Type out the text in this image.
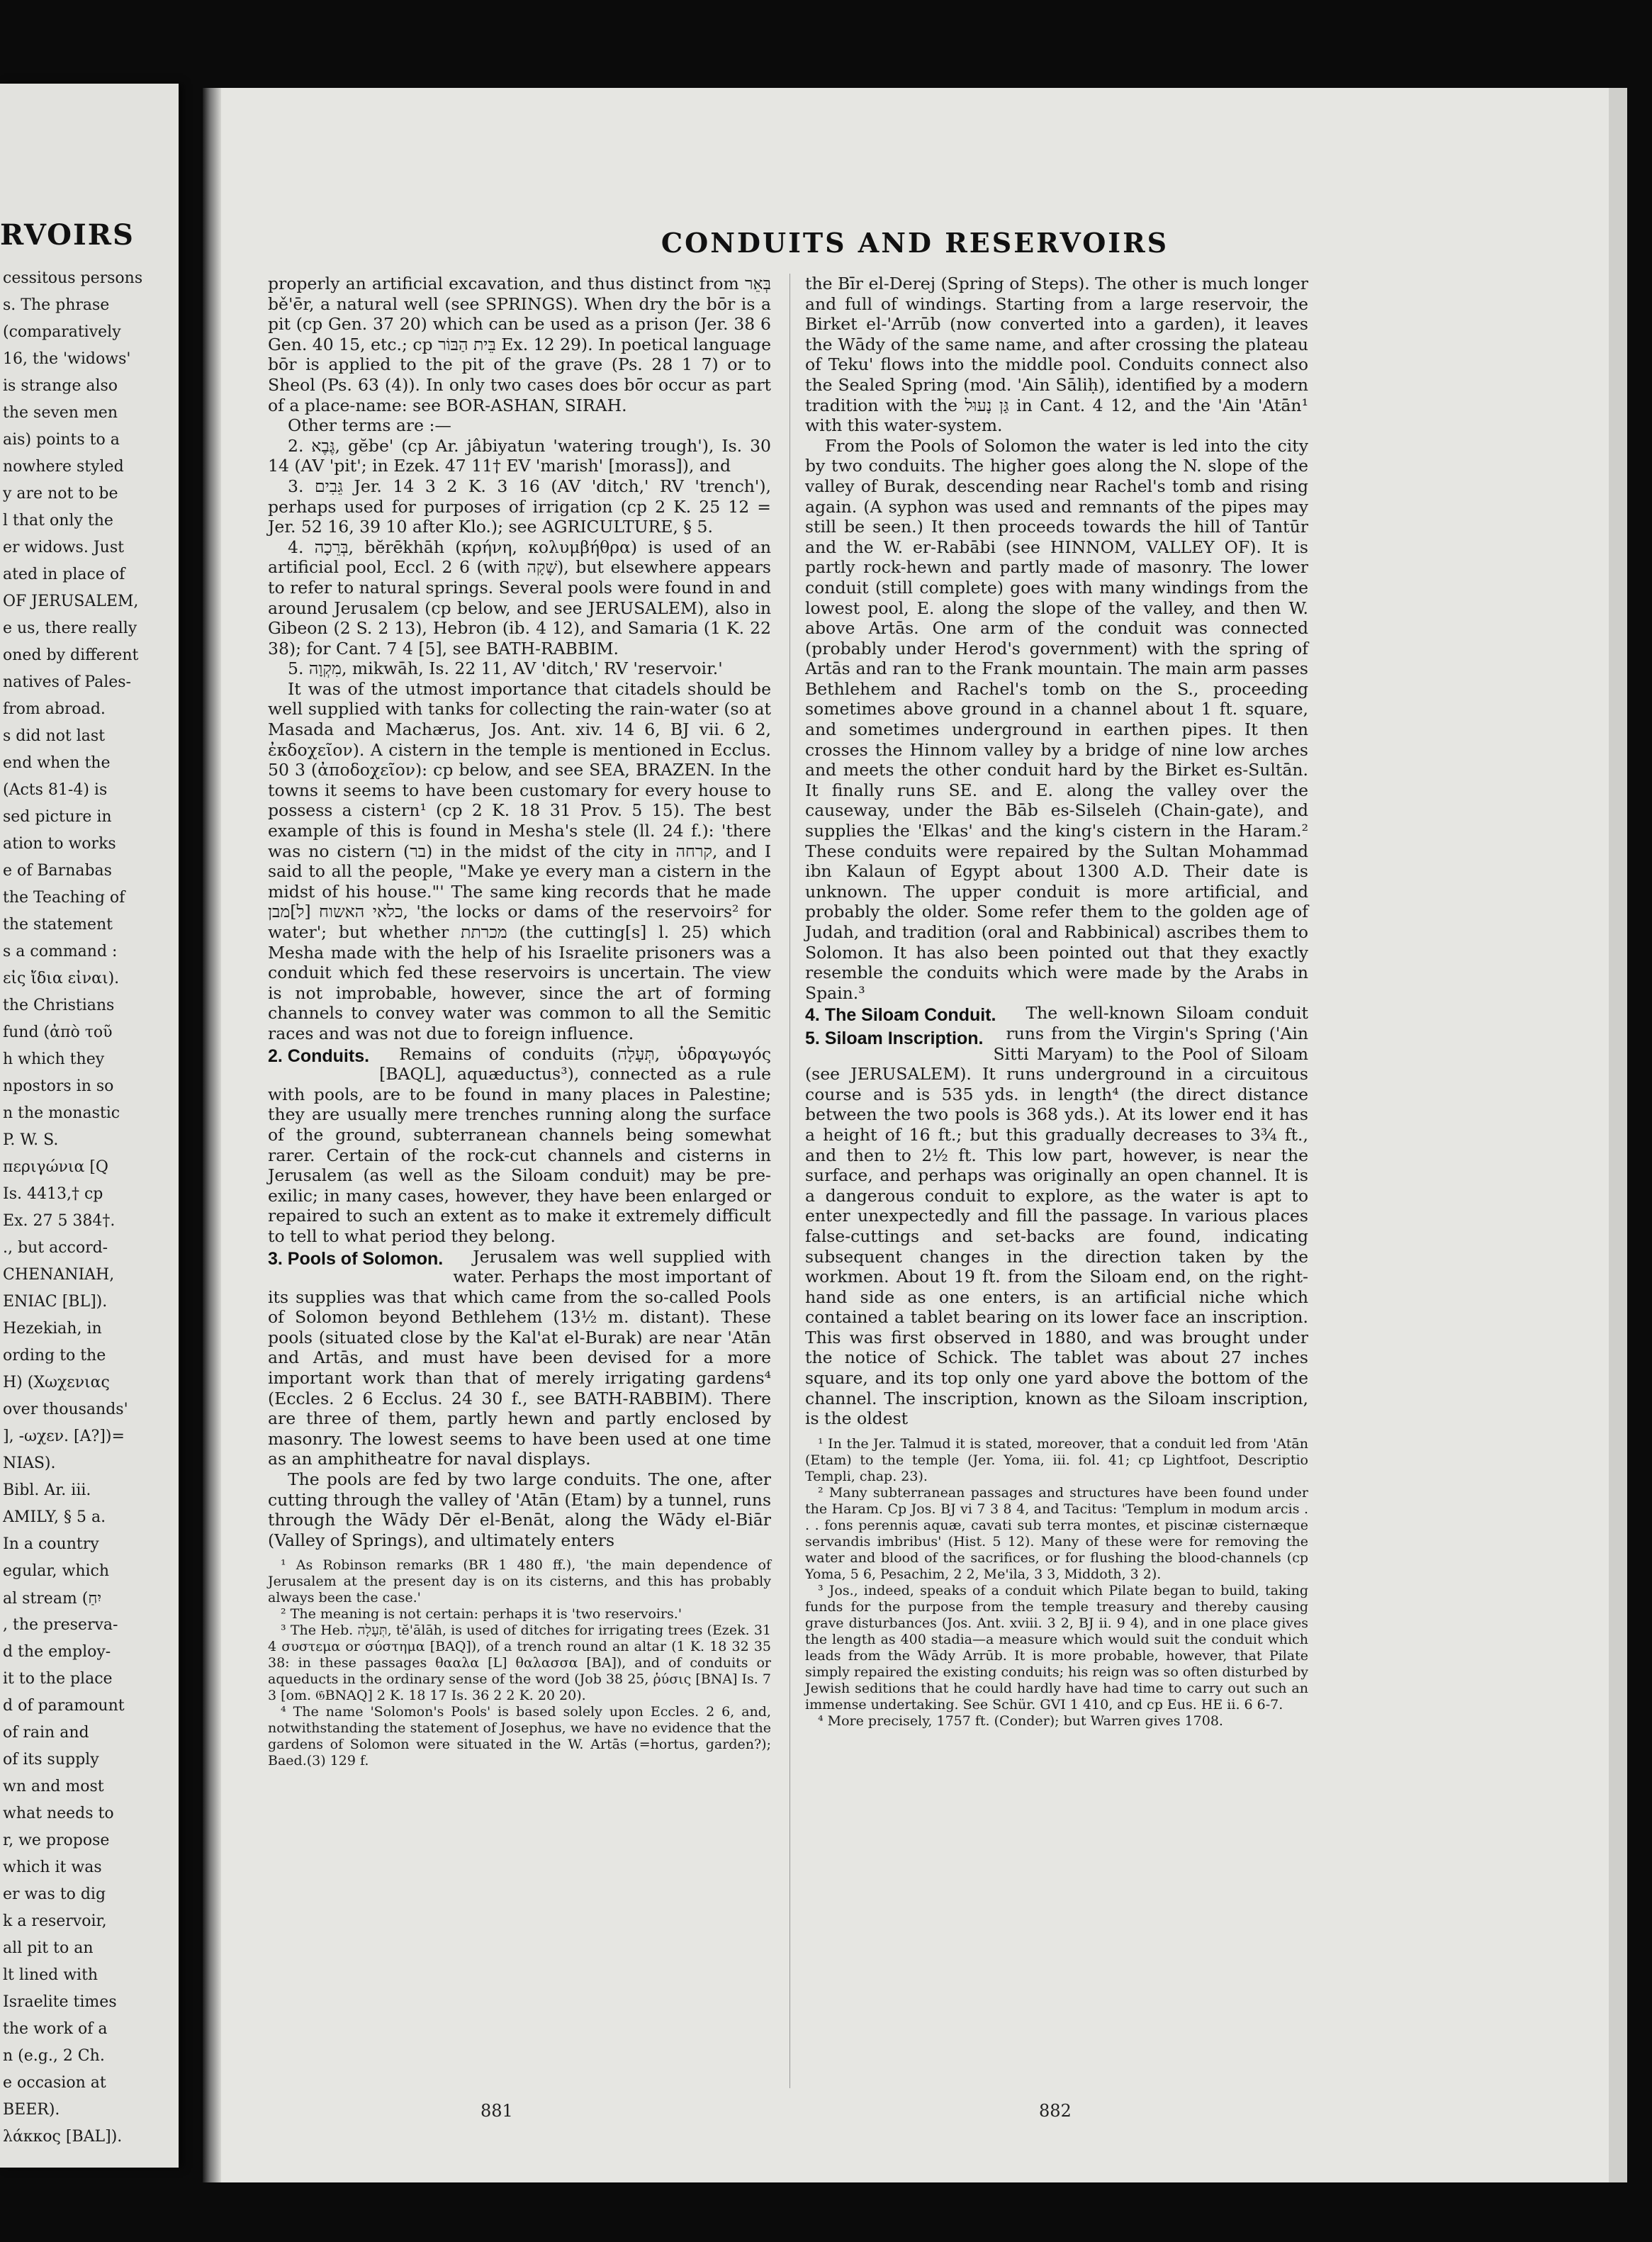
RVOIRS
cessitous persons
s. The phrase
(comparatively
16, the 'widows'
is strange also
the seven men
ais) points to a
nowhere styled
y are not to be
l that only the
er widows. Just
ated in place of
OF JERUSALEM,
e us, there really
oned by different
natives of Pales-
from abroad.
s did not last
end when the
(Acts 81-4) is
sed picture in
ation to works
e of Barnabas
the Teaching of
the statement
s a command :
εἰς ἴδια εἶναι).
the Christians
fund (ἀπὸ τοῦ
h which they
npostors in so
n the monastic
P. W. S.
περιγώνια [Q
Is. 4413,† cp
Ex. 27 5 384†.
., but accord-
CHENANIAH,
ENIAC [BL]).
Hezekiah, in
ording to the
H) (Χωχενιας
over thousands'
], -ωχεν. [A?])=
NIAS).
Bibl. Ar. iii.
AMILY, § 5 a.
In a country
egular, which
al stream (יִחַ
, the preserva-
d the employ-
it to the place
d of paramount
of rain and
of its supply
wn and most
what needs to
r, we propose
which it was
er was to dig
k a reservoir,
all pit to an
lt lined with
Israelite times
the work of a
n (e.g., 2 Ch.
e occasion at
BEER).
λάκκος [BAL]).
CONDUITS AND RESERVOIRS

properly an artificial excavation, and thus distinct from בְּאֵר bě'ēr, a natural well (see SPRINGS). When dry the bōr is a pit (cp Gen. 37 20) which can be used as a prison (Jer. 38 6 Gen. 40 15, etc.; cp בֵּית הַבּוֹר Ex. 12 29). In poetical language bōr is applied to the pit of the grave (Ps. 28 1 7) or to Sheol (Ps. 63 (4)). In only two cases does bōr occur as part of a place-name: see BOR-ASHAN, SIRAH.

Other terms are :—

2. גֶּבֶא, gĕbe' (cp Ar. jâbiyatun 'watering trough'), Is. 30 14 (AV 'pit'; in Ezek. 47 11† EV 'marish' [morass]), and

3. גֵּבִים Jer. 14 3 2 K. 3 16 (AV 'ditch,' RV 'trench'), perhaps used for purposes of irrigation (cp 2 K. 25 12 = Jer. 52 16, 39 10 after Klo.); see AGRICULTURE, § 5.

4. בְּרֵכָה, bĕrēkhāh (κρήνη, κολυμβήθρα) is used of an artificial pool, Eccl. 2 6 (with שָׁקָה), but elsewhere appears to refer to natural springs. Several pools were found in and around Jerusalem (cp below, and see JERUSALEM), also in Gibeon (2 S. 2 13), Hebron (ib. 4 12), and Samaria (1 K. 22 38); for Cant. 7 4 [5], see BATH-RABBIM.

5. מִקְוָה, mikwāh, Is. 22 11, AV 'ditch,' RV 'reservoir.'

It was of the utmost importance that citadels should be well supplied with tanks for collecting the rain-water (so at Masada and Machærus, Jos. Ant. xiv. 14 6, BJ vii. 6 2, ἐκδοχεῖον). A cistern in the temple is mentioned in Ecclus. 50 3 (ἀποδοχεῖον): cp below, and see SEA, BRAZEN. In the towns it seems to have been customary for every house to possess a cistern¹ (cp 2 K. 18 31 Prov. 5 15). The best example of this is found in Mesha's stele (ll. 24 f.): 'there was no cistern (בר) in the midst of the city in קרחה, and I said to all the people, "Make ye every man a cistern in the midst of his house."' The same king records that he made כלאי האשוח [ל]מבן, 'the locks or dams of the reservoirs² for water'; but whether מכרתת (the cutting[s] l. 25) which Mesha made with the help of his Israelite prisoners was a conduit which fed these reservoirs is uncertain. The view is not improbable, however, since the art of forming channels to convey water was common to all the Semitic races and was not due to foreign influence.

2. Conduits.	Remains of conduits (תְּעָלָה, ὑδραγωγός [BAQL], aquæductus³), connected as a rule with pools, are to be found in many places in Palestine; they are usually mere trenches running along the surface of the ground, subterranean channels being somewhat rarer. Certain of the rock-cut channels and cisterns in Jerusalem (as well as the Siloam conduit) may be pre-exilic; in many cases, however, they have been enlarged or repaired to such an extent as to make it extremely difficult to tell to what period they belong.

3. Pools of Solomon.	Jerusalem was well supplied with water. Perhaps the most important of its supplies was that which came from the so-called Pools of Solomon beyond Bethlehem (13½ m. distant). These pools (situated close by the Kal'at el-Burak) are near 'Atān and Artās, and must have been devised for a more important work than that of merely irrigating gardens⁴ (Eccles. 2 6 Ecclus. 24 30 f., see BATH-RABBIM). There are three of them, partly hewn and partly enclosed by masonry. The lowest seems to have been used at one time as an amphitheatre for naval displays.

The pools are fed by two large conduits. The one, after cutting through the valley of 'Atān (Etam) by a tunnel, runs through the Wādy Dēr el-Benāt, along the Wādy el-Biār (Valley of Springs), and ultimately enters

¹ As Robinson remarks (BR 1 480 ff.), 'the main dependence of Jerusalem at the present day is on its cisterns, and this has probably always been the case.'

² The meaning is not certain: perhaps it is 'two reservoirs.'

³ The Heb. תְּעָלָה, tĕ'ālāh, is used of ditches for irrigating trees (Ezek. 31 4 συστεμα or σύστημα [BAQ]), of a trench round an altar (1 K. 18 32 35 38: in these passages θααλα [L] θαλασσα [BA]), and of conduits or aqueducts in the ordinary sense of the word (Job 38 25, ῥύσις [BNA] Is. 7 3 [om. 𝔊BNAQ] 2 K. 18 17 Is. 36 2 2 K. 20 20).

⁴ The name 'Solomon's Pools' is based solely upon Eccles. 2 6, and, notwithstanding the statement of Josephus, we have no evidence that the gardens of Solomon were situated in the W. Artās (=hortus, garden?); Baed.(3) 129 f.

the Bīr el-Derej (Spring of Steps). The other is much longer and full of windings. Starting from a large reservoir, the Birket el-'Arrūb (now converted into a garden), it leaves the Wādy of the same name, and after crossing the plateau of Teku' flows into the middle pool. Conduits connect also the Sealed Spring (mod. 'Ain Sāliḥ), identified by a modern tradition with the גַּן נָעוּל in Cant. 4 12, and the 'Ain 'Atān¹ with this water-system.

From the Pools of Solomon the water is led into the city by two conduits. The higher goes along the N. slope of the valley of Burak, descending near Rachel's tomb and rising again. (A syphon was used and remnants of the pipes may still be seen.) It then proceeds towards the hill of Tantūr and the W. er-Rabābi (see HINNOM, VALLEY OF). It is partly rock-hewn and partly made of masonry. The lower conduit (still complete) goes with many windings from the lowest pool, E. along the slope of the valley, and then W. above Artās. One arm of the conduit was connected (probably under Herod's government) with the spring of Artās and ran to the Frank mountain. The main arm passes Bethlehem and Rachel's tomb on the S., proceeding sometimes above ground in a channel about 1 ft. square, and sometimes underground in earthen pipes. It then crosses the Hinnom valley by a bridge of nine low arches and meets the other conduit hard by the Birket es-Sultān. It finally runs SE. and E. along the valley over the causeway, under the Bāb es-Silseleh (Chain-gate), and supplies the 'Elkas' and the king's cistern in the Haram.² These conduits were repaired by the Sultan Mohammad ibn Kalaun of Egypt about 1300 A.D. Their date is unknown. The upper conduit is more artificial, and probably the older. Some refer them to the golden age of Judah, and tradition (oral and Rabbinical) ascribes them to Solomon. It has also been pointed out that they exactly resemble the conduits which were made by the Arabs in Spain.³

4. The Siloam Conduit.
5. Siloam Inscription.

The well-known Siloam conduit runs from the Virgin's Spring ('Ain Sitti Maryam) to the Pool of Siloam (see JERUSALEM). It runs underground in a circuitous course and is 535 yds. in length⁴ (the direct distance between the two pools is 368 yds.). At its lower end it has a height of 16 ft.; but this gradually decreases to 3¾ ft., and then to 2½ ft. This low part, however, is near the surface, and perhaps was originally an open channel. It is a dangerous conduit to explore, as the water is apt to enter unexpectedly and fill the passage. In various places false-cuttings and set-backs are found, indicating subsequent changes in the direction taken by the workmen. About 19 ft. from the Siloam end, on the right-hand side as one enters, is an artificial niche which contained a tablet bearing on its lower face an inscription. This was first observed in 1880, and was brought under the notice of Schick. The tablet was about 27 inches square, and its top only one yard above the bottom of the channel. The inscription, known as the Siloam inscription, is the oldest

¹ In the Jer. Talmud it is stated, moreover, that a conduit led from 'Atān (Etam) to the temple (Jer. Yoma, iii. fol. 41; cp Lightfoot, Descriptio Templi, chap. 23).

² Many subterranean passages and structures have been found under the Haram. Cp Jos. BJ vi 7 3 8 4, and Tacitus: 'Templum in modum arcis . . . fons perennis aquæ, cavati sub terra montes, et piscinæ cisternæque servandis imbribus' (Hist. 5 12). Many of these were for removing the water and blood of the sacrifices, or for flushing the blood-channels (cp Yoma, 5 6, Pesachim, 2 2, Me'ila, 3 3, Middoth, 3 2).

³ Jos., indeed, speaks of a conduit which Pilate began to build, taking funds for the purpose from the temple treasury and thereby causing grave disturbances (Jos. Ant. xviii. 3 2, BJ ii. 9 4), and in one place gives the length as 400 stadia—a measure which would suit the conduit which leads from the Wādy Arrūb. It is more probable, however, that Pilate simply repaired the existing conduits; his reign was so often disturbed by Jewish seditions that he could hardly have had time to carry out such an immense undertaking. See Schür. GVI 1 410, and cp Eus. HE ii. 6 6-7.

⁴ More precisely, 1757 ft. (Conder); but Warren gives 1708.

881	882
